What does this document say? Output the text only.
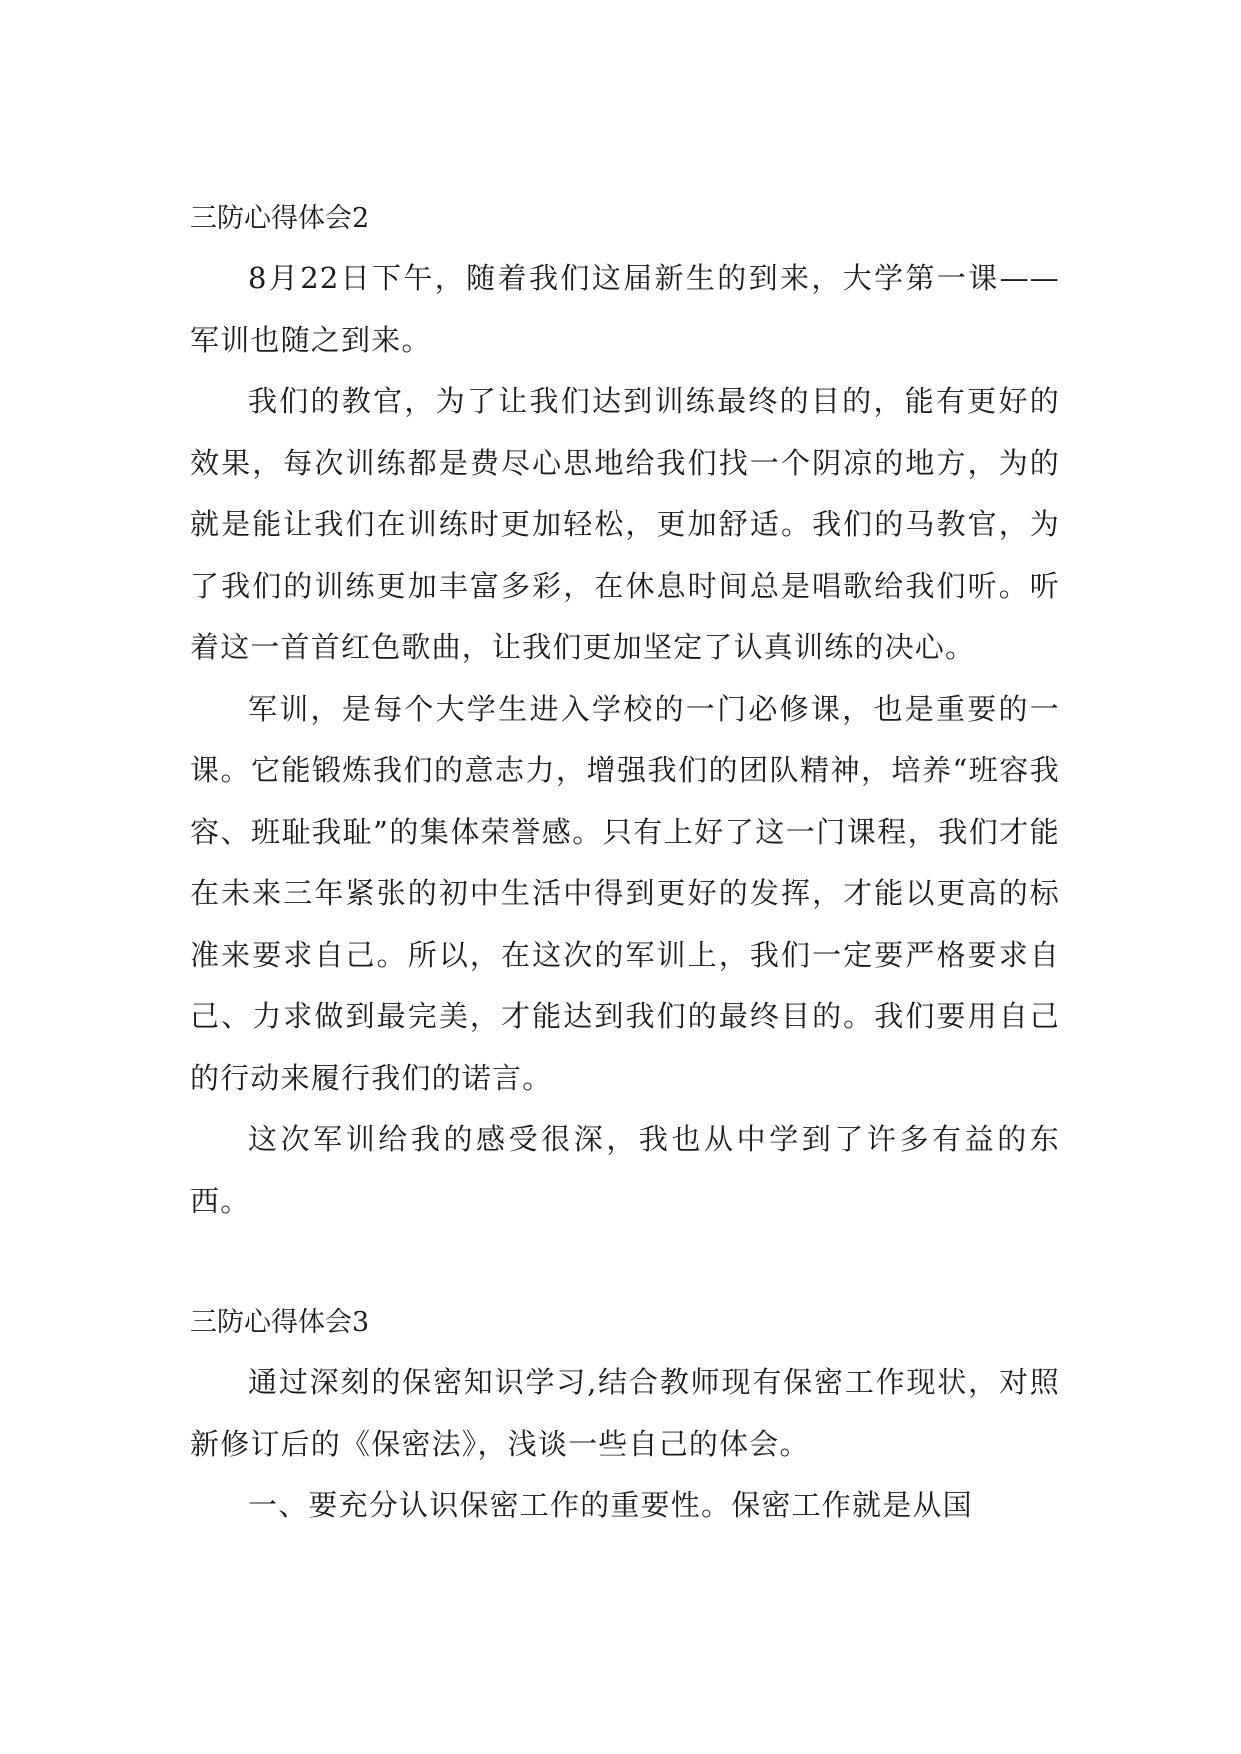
三防心得体会2

8月22日下午，随着我们这届新生的到来，大学第一课——军训也随之到来。

我们的教官，为了让我们达到训练最终的目的，能有更好的效果，每次训练都是费尽心思地给我们找一个阴凉的地方，为的就是能让我们在训练时更加轻松，更加舒适。我们的马教官，为了我们的训练更加丰富多彩，在休息时间总是唱歌给我们听。听着这一首首红色歌曲，让我们更加坚定了认真训练的决心。

军训，是每个大学生进入学校的一门必修课，也是重要的一课。它能锻炼我们的意志力，增强我们的团队精神，培养“班容我容、班耻我耻”的集体荣誉感。只有上好了这一门课程，我们才能在未来三年紧张的初中生活中得到更好的发挥，才能以更高的标准来要求自己。所以，在这次的军训上，我们一定要严格要求自己、力求做到最完美，才能达到我们的最终目的。我们要用自己的行动来履行我们的诺言。

这次军训给我的感受很深，我也从中学到了许多有益的东西。

三防心得体会3

通过深刻的保密知识学习,结合教师现有保密工作现状，对照新修订后的《保密法》，浅谈一些自己的体会。

一、要充分认识保密工作的重要性。保密工作就是从国
